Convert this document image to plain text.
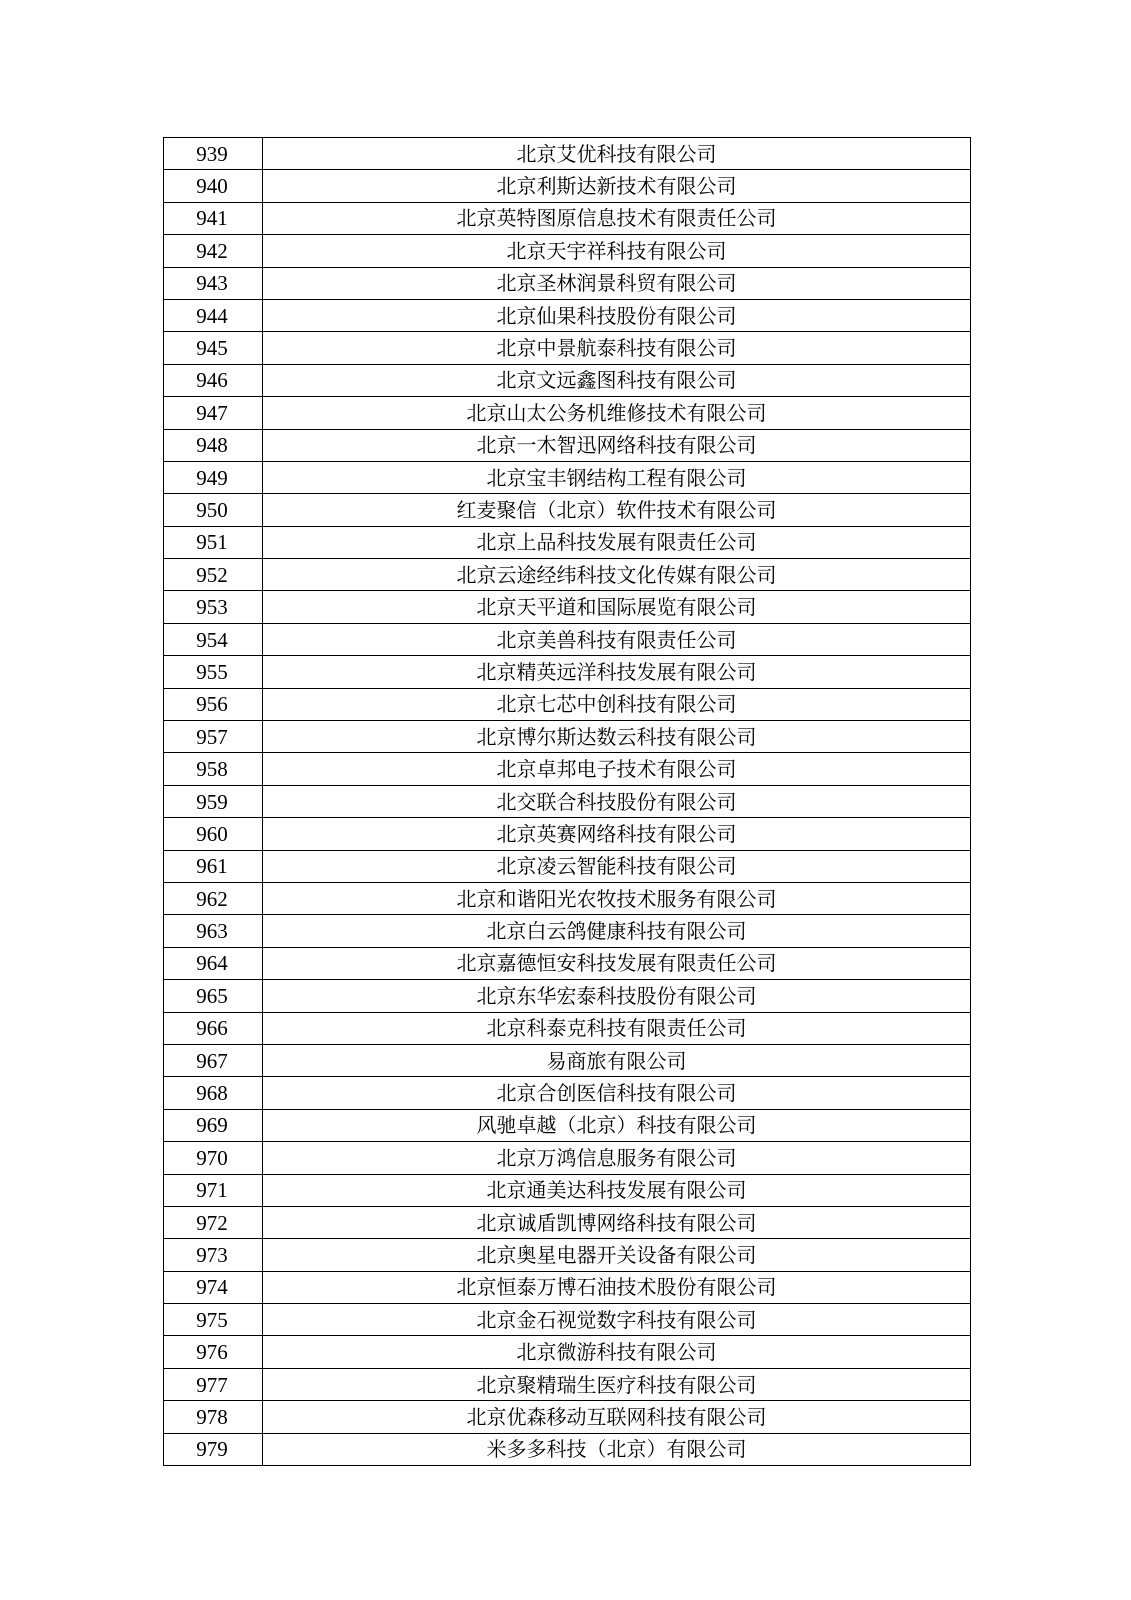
939	北京艾优科技有限公司
940	北京利斯达新技术有限公司
941	北京英特图原信息技术有限责任公司
942	北京天宇祥科技有限公司
943	北京圣林润景科贸有限公司
944	北京仙果科技股份有限公司
945	北京中景航泰科技有限公司
946	北京文远鑫图科技有限公司
947	北京山太公务机维修技术有限公司
948	北京一木智迅网络科技有限公司
949	北京宝丰钢结构工程有限公司
950	红麦聚信（北京）软件技术有限公司
951	北京上品科技发展有限责任公司
952	北京云途经纬科技文化传媒有限公司
953	北京天平道和国际展览有限公司
954	北京美兽科技有限责任公司
955	北京精英远洋科技发展有限公司
956	北京七芯中创科技有限公司
957	北京博尔斯达数云科技有限公司
958	北京卓邦电子技术有限公司
959	北交联合科技股份有限公司
960	北京英赛网络科技有限公司
961	北京凌云智能科技有限公司
962	北京和谐阳光农牧技术服务有限公司
963	北京白云鸽健康科技有限公司
964	北京嘉德恒安科技发展有限责任公司
965	北京东华宏泰科技股份有限公司
966	北京科泰克科技有限责任公司
967	易商旅有限公司
968	北京合创医信科技有限公司
969	风驰卓越（北京）科技有限公司
970	北京万鸿信息服务有限公司
971	北京通美达科技发展有限公司
972	北京诚盾凯博网络科技有限公司
973	北京奥星电器开关设备有限公司
974	北京恒泰万博石油技术股份有限公司
975	北京金石视觉数字科技有限公司
976	北京微游科技有限公司
977	北京聚精瑞生医疗科技有限公司
978	北京优森移动互联网科技有限公司
979	米多多科技（北京）有限公司
